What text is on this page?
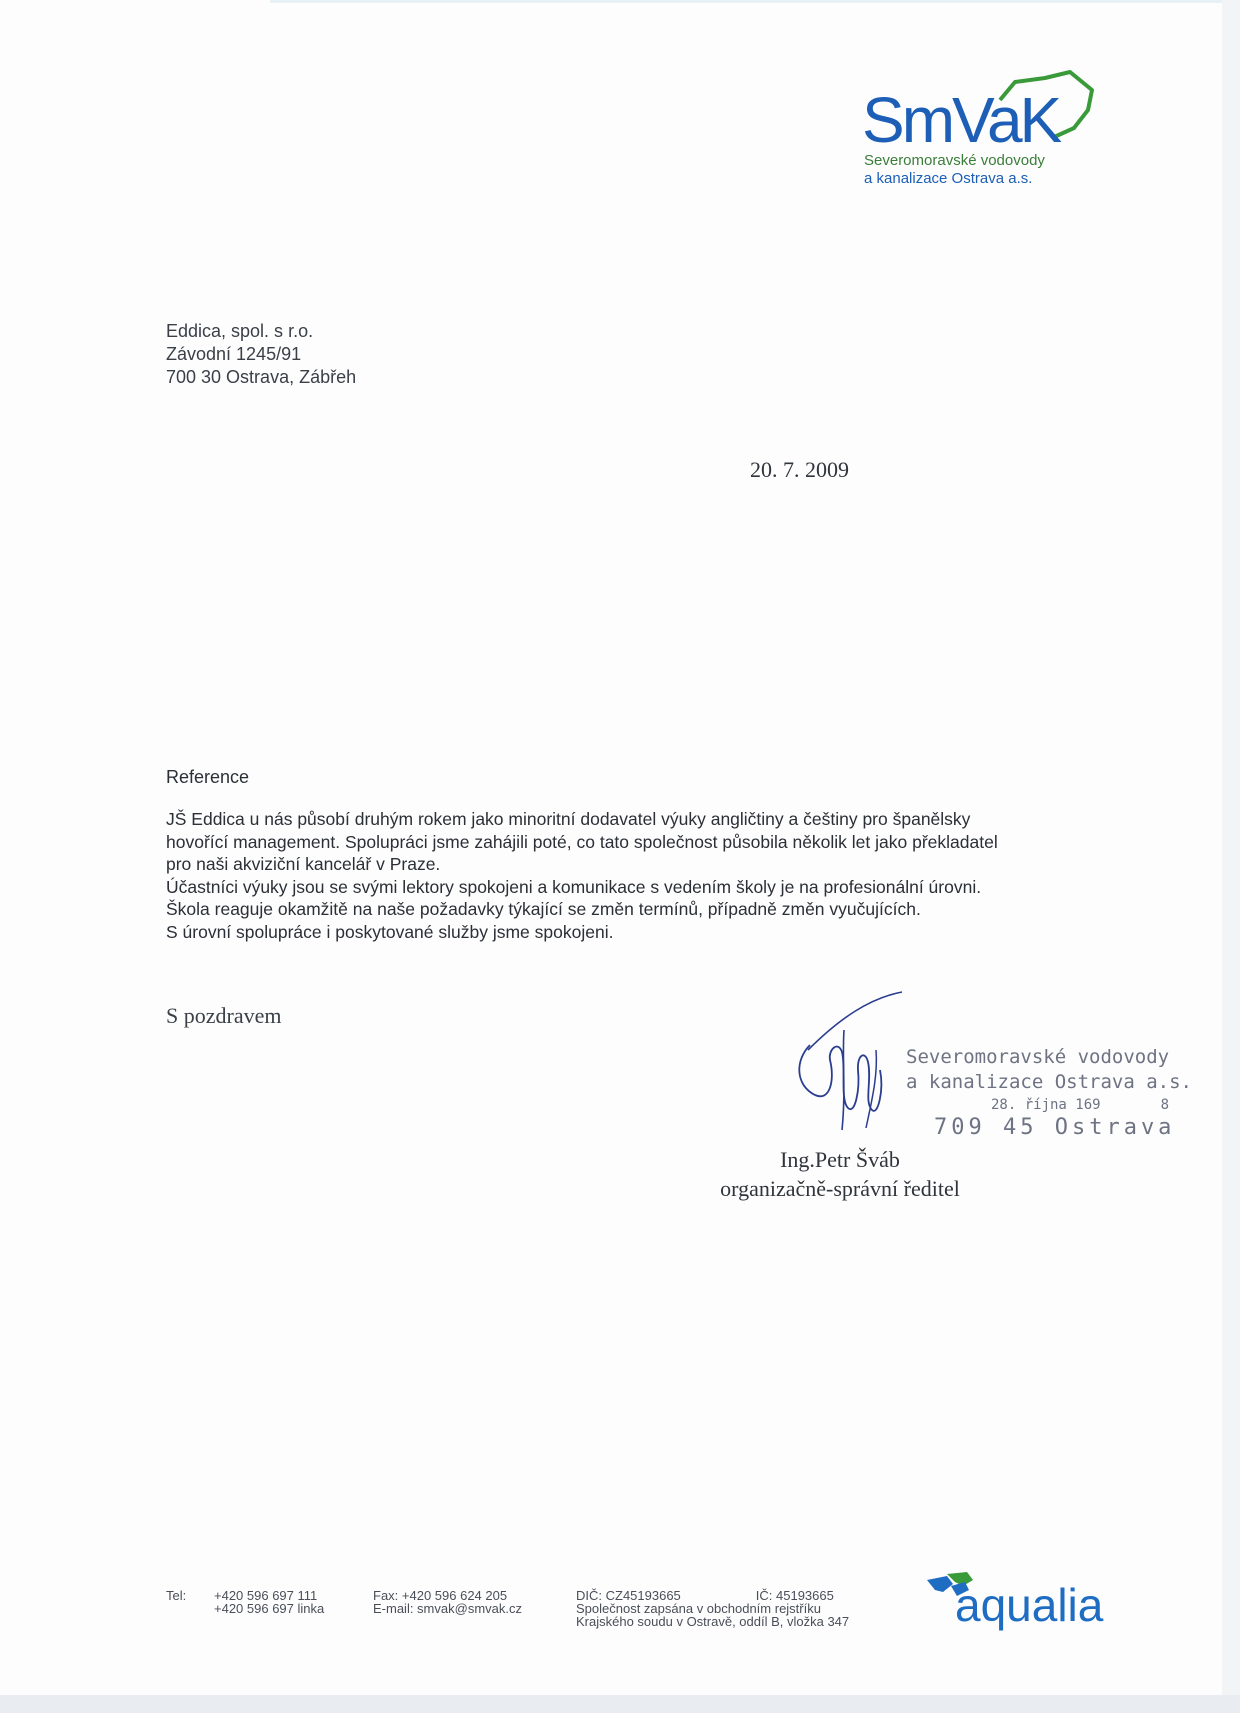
SmVaK
Severomoravské vodovody
a kanalizace Ostrava a.s.
Eddica, spol. s r.o.
Závodní 1245/91
700 30 Ostrava, Zábřeh
20. 7. 2009
Reference
JŠ Eddica u nás působí druhým rokem jako minoritní dodavatel výuky angličtiny a češtiny pro španělsky
hovořící management. Spolupráci jsme zahájili poté, co tato společnost působila několik let jako překladatel
pro naši akviziční kancelář v Praze.
Účastníci výuky jsou se svými lektory spokojeni a komunikace s vedením školy je na profesionální úrovni.
Škola reaguje okamžitě na naše požadavky týkající se změn termínů, případně změn vyučujících.
S úrovní spolupráce i poskytované služby jsme spokojeni.
S pozdravem
Severomoravské vodovody
a kanalizace Ostrava a.s.
28. října 169	8
709 45 Ostrava
Ing.Petr Šváb
organizačně-správní ředitel
Tel: +420 596 697 111
+420 596 697 linka
Fax: +420 596 624 205
E-mail: smvak@smvak.cz
DIČ: CZ45193665	IČ: 45193665
Společnost zapsána v obchodním rejstříku
Krajského soudu v Ostravě, oddíl B, vložka 347 aqualia
